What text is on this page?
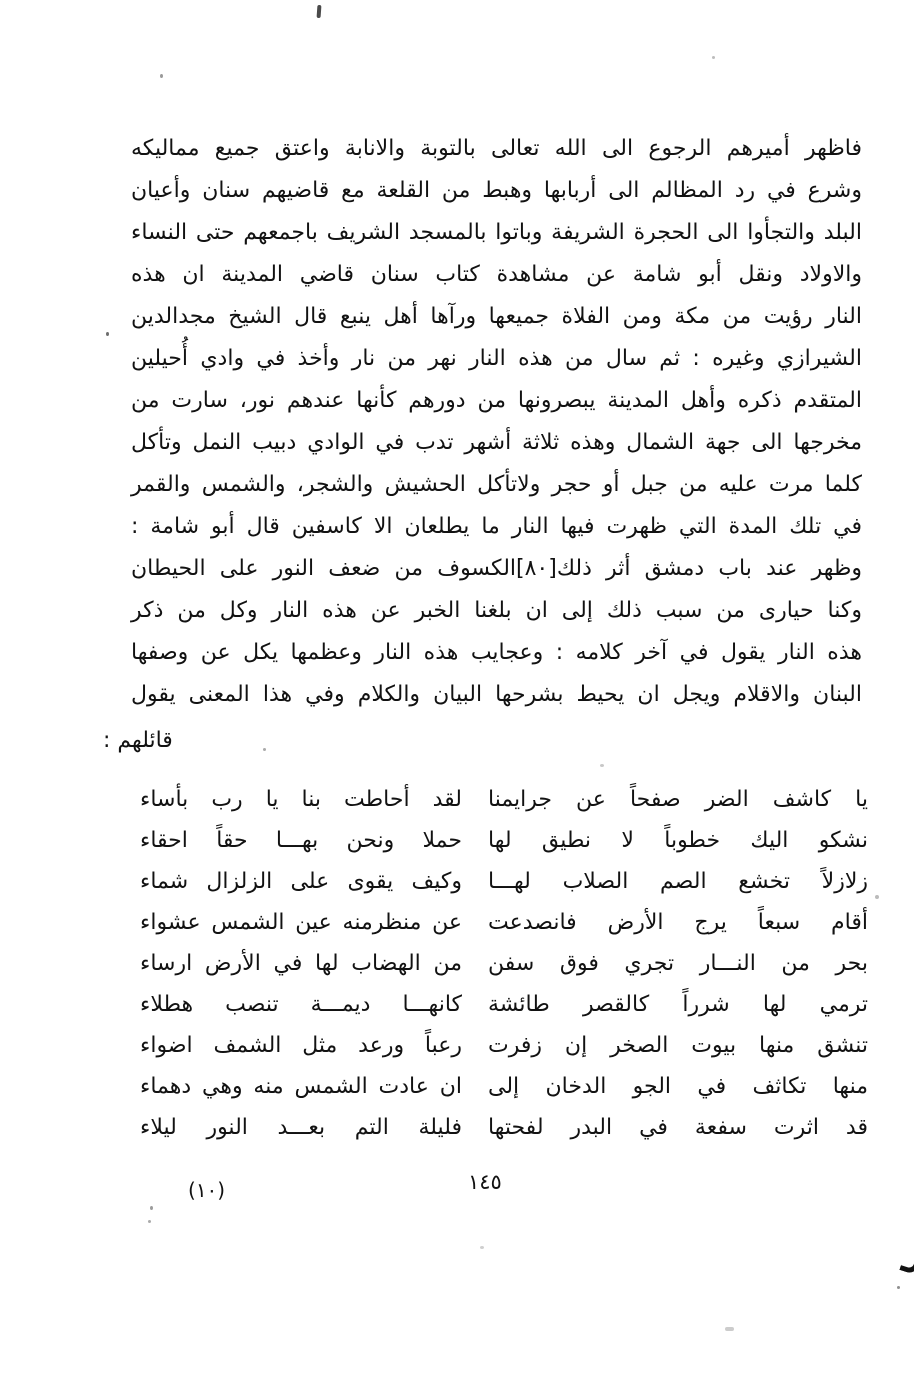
فاظهر أميرهم الرجوع الى الله تعالى بالتوبة والانابة واعتق جميع مماليكه
وشرع في رد المظالم الى أربابها وهبط من القلعة مع قاضيهم سنان وأعيان
البلد والتجأوا الى الحجرة الشريفة وباتوا بالمسجد الشريف باجمعهم حتى النساء
والاولاد ونقل أبو شامة عن مشاهدة كتاب سنان قاضي المدينة ان هذه
النار رؤيت من مكة ومن الفلاة جميعها ورآها أهل ينبع قال الشيخ مجدالدين
الشيرازي وغيره : ثم سال من هذه النار نهر من نار وأخذ في وادي أُحيلين
المتقدم ذكره وأهل المدينة يبصرونها من دورهم كأنها عندهم نور، سارت من
مخرجها الى جهة الشمال وهذه ثلاثة أشهر تدب في الوادي دبيب النمل وتأكل
كلما مرت عليه من جبل أو حجر ولاتأكل الحشيش والشجر، والشمس والقمر
في تلك المدة التي ظهرت فيها النار ما يطلعان الا كاسفين قال أبو شامة :
وظهر عند باب دمشق أثر ذلك[٨٠]الكسوف من ضعف النور على الحيطان
وكنا حيارى من سبب ذلك إلى ان بلغنا الخبر عن هذه النار وكل من ذكر
هذه النار يقول في آخر كلامه : وعجايب هذه النار وعظمها يكل عن وصفها
البنان والاقلام ويجل ان يحيط بشرحها البيان والكلام وفي هذا المعنى يقول
قائلهم :
يا كاشف الضر صفحاً عن جرايمنا
لقد أحاطت بنا يا رب بأساء
نشكو اليك خطوباً لا نطيق لها
حملا ونحن بهـــا حقاً احقاء
زلازلاً تخشع الصم الصلاب لهـــا
وكيف يقوى على الزلزال شماء
أقام سبعاً يرج الأرض فانصدعت
عن منظرمنه عين الشمس عشواء
بحر من النـــار تجري فوق سفن
من الهضاب لها في الأرض ارساء
ترمي لها شرراً كالقصر طائشة
كانهـــا ديمـــة تنصب هطلاء
تنشق منها بيوت الصخر إن زفرت
رعباً ورعد مثل الشمف اضواء
منها تكاثف في الجو الدخان إلى
ان عادت الشمس منه وهي دهماء
قد اثرت سفعة في البدر لفحتها
فليلة التم بعـــد النور ليلاء
١٤٥
(١٠)
